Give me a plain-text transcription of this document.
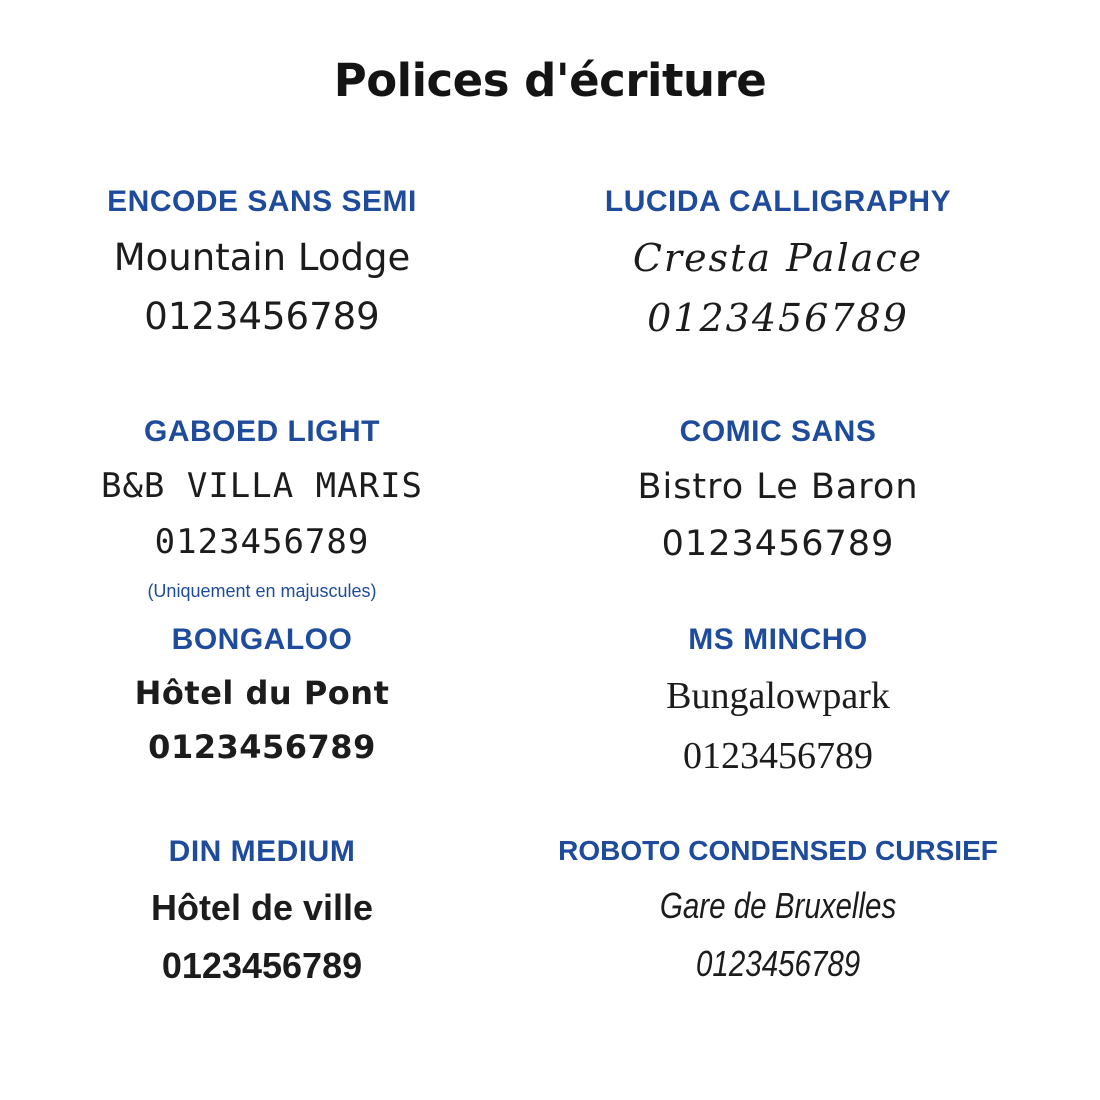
Polices d'écriture
ENCODE SANS SEMI
Mountain Lodge
0123456789
LUCIDA CALLIGRAPHY
Cresta Palace
0123456789
GABOED LIGHT
B&B VILLA MARIS
0123456789
(Uniquement en majuscules)
COMIC SANS
Bistro Le Baron
0123456789
BONGALOO
Hôtel du Pont
0123456789
MS MINCHO
Bungalowpark
0123456789
DIN MEDIUM
Hôtel de ville
0123456789
ROBOTO CONDENSED CURSIEF
Gare de Bruxelles
0123456789
